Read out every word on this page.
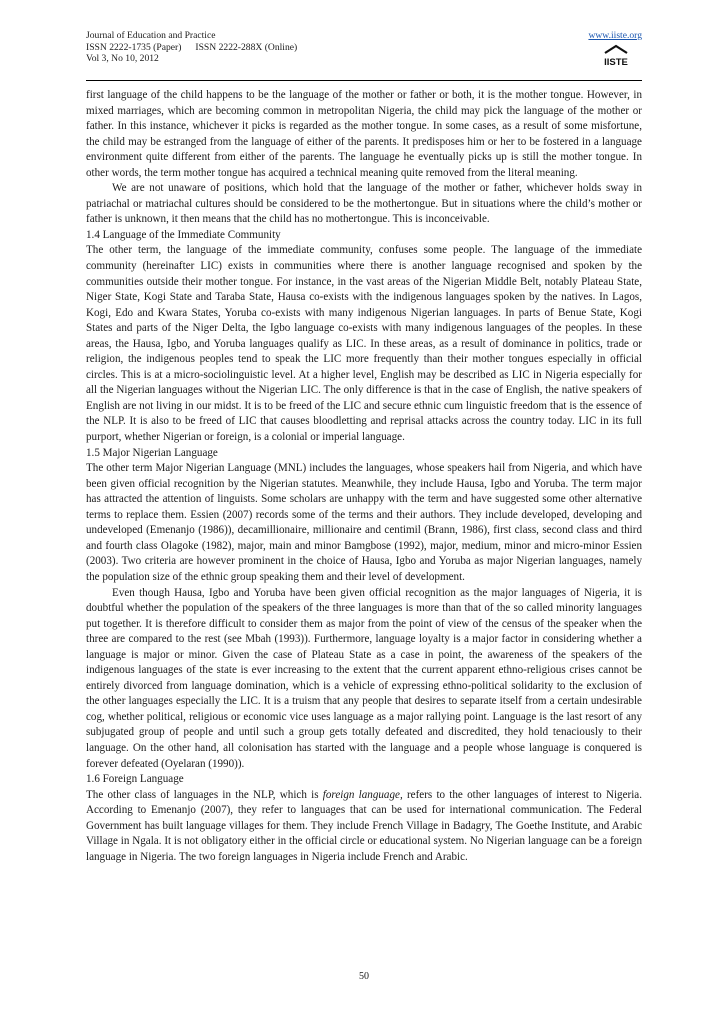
Journal of Education and Practice
ISSN 2222-1735 (Paper) ISSN 2222-288X (Online)
Vol 3, No 10, 2012
www.iiste.org
IISTE

first language of the child happens to be the language of the mother or father or both, it is the mother tongue. However, in mixed marriages, which are becoming common in metropolitan Nigeria, the child may pick the language of the mother or father. In this instance, whichever it picks is regarded as the mother tongue. In some cases, as a result of some misfortune, the child may be estranged from the language of either of the parents. It predisposes him or her to be fostered in a language environment quite different from either of the parents. The language he eventually picks up is still the mother tongue. In other words, the term mother tongue has acquired a technical meaning quite removed from the literal meaning.

We are not unaware of positions, which hold that the language of the mother or father, whichever holds sway in patriachal or matriachal cultures should be considered to be the mothertongue. But in situations where the child’s mother or father is unknown, it then means that the child has no mothertongue. This is inconceivable.

1.4 Language of the Immediate Community

The other term, the language of the immediate community, confuses some people. The language of the immediate community (hereinafter LIC) exists in communities where there is another language recognised and spoken by the communities outside their mother tongue. For instance, in the vast areas of the Nigerian Middle Belt, notably Plateau State, Niger State, Kogi State and Taraba State, Hausa co-exists with the indigenous languages spoken by the natives. In Lagos, Kogi, Edo and Kwara States, Yoruba co-exists with many indigenous Nigerian languages. In parts of Benue State, Kogi States and parts of the Niger Delta, the Igbo language co-exists with many indigenous languages of the peoples. In these areas, the Hausa, Igbo, and Yoruba languages qualify as LIC. In these areas, as a result of dominance in politics, trade or religion, the indigenous peoples tend to speak the LIC more frequently than their mother tongues especially in official circles. This is at a micro-sociolinguistic level. At a higher level, English may be described as LIC in Nigeria especially for all the Nigerian languages without the Nigerian LIC. The only difference is that in the case of English, the native speakers of English are not living in our midst. It is to be freed of the LIC and secure ethnic cum linguistic freedom that is the essence of the NLP. It is also to be freed of LIC that causes bloodletting and reprisal attacks across the country today. LIC in its full purport, whether Nigerian or foreign, is a colonial or imperial language.

1.5 Major Nigerian Language

The other term Major Nigerian Language (MNL) includes the languages, whose speakers hail from Nigeria, and which have been given official recognition by the Nigerian statutes. Meanwhile, they include Hausa, Igbo and Yoruba. The term major has attracted the attention of linguists. Some scholars are unhappy with the term and have suggested some other alternative terms to replace them. Essien (2007) records some of the terms and their authors. They include developed, developing and undeveloped (Emenanjo (1986)), decamillionaire, millionaire and centimil (Brann, 1986), first class, second class and third and fourth class Olagoke (1982), major, main and minor Bamgbose (1992), major, medium, minor and micro-minor Essien (2003). Two criteria are however prominent in the choice of Hausa, Igbo and Yoruba as major Nigerian languages, namely the population size of the ethnic group speaking them and their level of development.

Even though Hausa, Igbo and Yoruba have been given official recognition as the major languages of Nigeria, it is doubtful whether the population of the speakers of the three languages is more than that of the so called minority languages put together. It is therefore difficult to consider them as major from the point of view of the census of the speaker when the three are compared to the rest (see Mbah (1993)). Furthermore, language loyalty is a major factor in considering whether a language is major or minor. Given the case of Plateau State as a case in point, the awareness of the speakers of the indigenous languages of the state is ever increasing to the extent that the current apparent ethno-religious crises cannot be entirely divorced from language domination, which is a vehicle of expressing ethno-political solidarity to the exclusion of the other languages especially the LIC. It is a truism that any people that desires to separate itself from a certain undesirable cog, whether political, religious or economic vice uses language as a major rallying point. Language is the last resort of any subjugated group of people and until such a group gets totally defeated and discredited, they hold tenaciously to their language. On the other hand, all colonisation has started with the language and a people whose language is conquered is forever defeated (Oyelaran (1990)).

1.6 Foreign Language

The other class of languages in the NLP, which is foreign language, refers to the other languages of interest to Nigeria. According to Emenanjo (2007), they refer to languages that can be used for international communication. The Federal Government has built language villages for them. They include French Village in Badagry, The Goethe Institute, and Arabic Village in Ngala. It is not obligatory either in the official circle or educational system. No Nigerian language can be a foreign language in Nigeria. The two foreign languages in Nigeria include French and Arabic.

50
